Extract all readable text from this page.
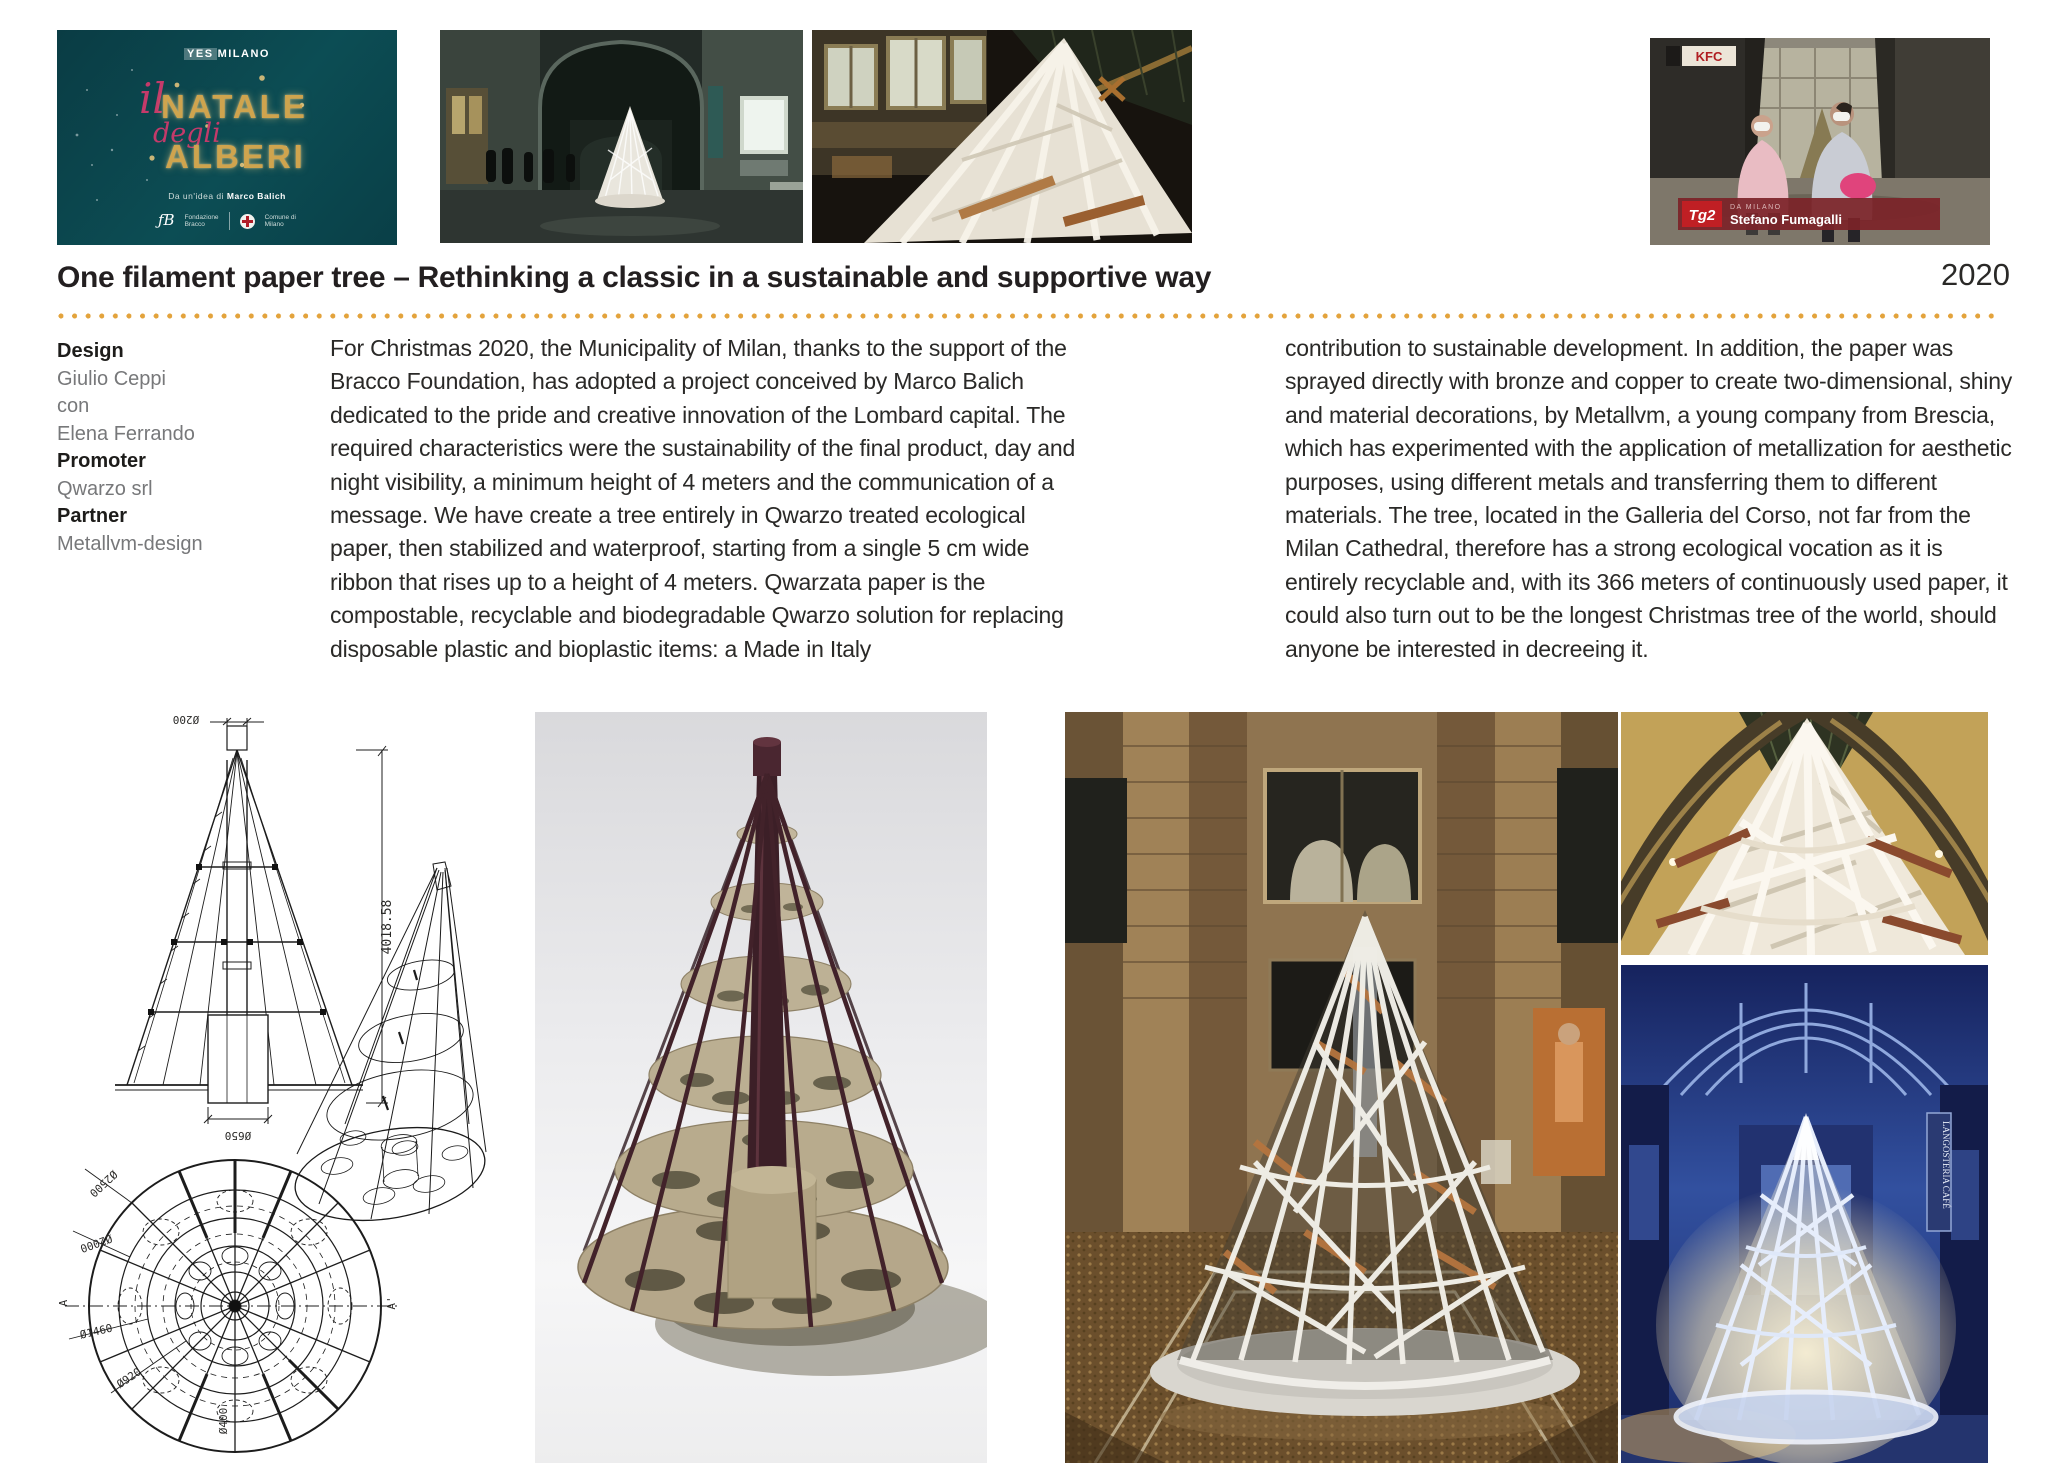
YES MILANO
il
NATALE
degli
ALBERI
Da un'idea di Marco Balich
ƒB Fondazione
Bracco
Comune di
Milano
KFC
Tg2 DA MILANO
Stefano Fumagalli
One filament paper tree – Rethinking a classic in a sustainable and supportive way	2020
Design
Giulio Ceppi
con
Elena Ferrando
Promoter
Qwarzo srl
Partner
Metallvm-design
For Christmas 2020, the Municipality of Milan, thanks to the support of the Bracco Foundation, has adopted a project conceived by Marco Balich dedicated to the pride and creative innovation of the Lombard capital. The required characteristics were the sustainability of the final product, day and night visibility, a minimum height of 4 meters and the communication of a message. We have create a tree entirely in Qwarzo treated ecological paper, then stabilized and waterproof, starting from a single 5 cm wide ribbon that rises up to a height of 4 meters. Qwarzata paper is the compostable, recyclable and biodegradable Qwarzo solution for replacing disposable plastic and bioplastic items: a Made in Italy
contribution to sustainable development. In addition, the paper was sprayed directly with bronze and copper to create two-dimensional, shiny and material decorations, by Metallvm, a young company from Brescia, which has experimented with the application of metallization for aesthetic purposes, using different metals and transferring them to different materials. The tree, located in the Galleria del Corso, not far from the Milan Cathedral, therefore has a strong ecological vocation as it is entirely recyclable and, with its 366 meters of continuously used paper, it could also turn out to be the longest Christmas tree of the world, should anyone be interested in decreeing it.
4018.58
Ø200
Ø650
Ø2500
Ø2000
Ø1460
Ø920
Ø400
A	A'
LANGOSTERIA CAFÉ
